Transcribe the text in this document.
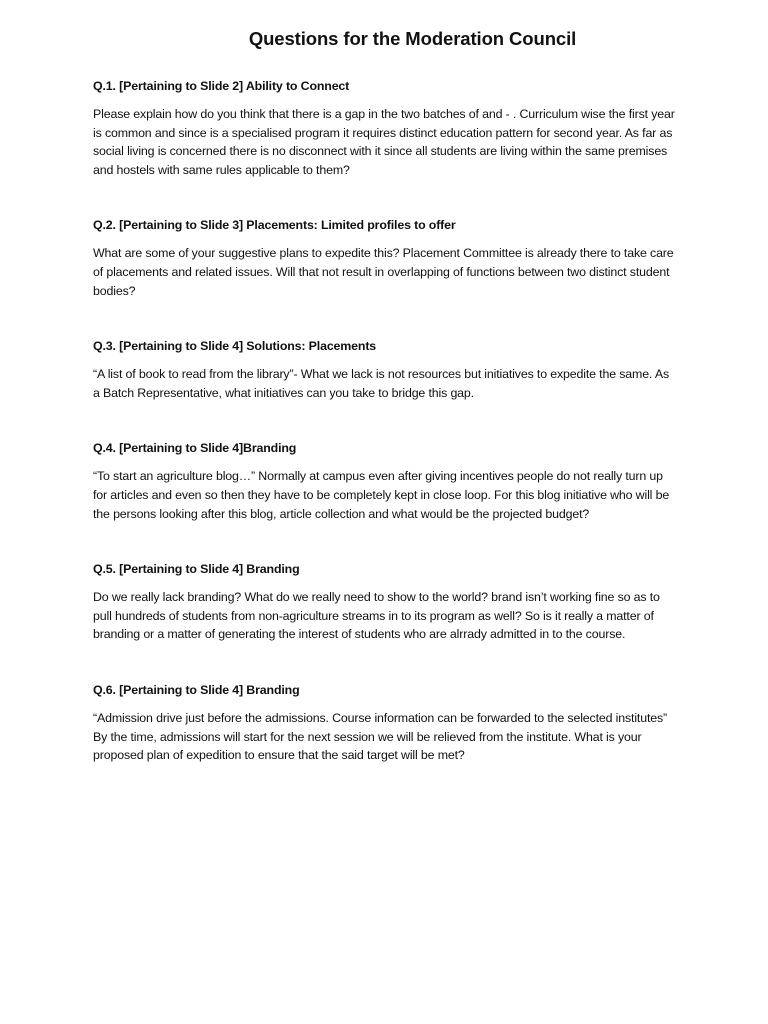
Questions for the Moderation Council
Q.1. [Pertaining to Slide 2] Ability to Connect

Please explain how do you think that there is a gap in the two batches of and - . Curriculum wise the first year is common and since is a specialised program it requires distinct education pattern for second year. As far as social living is concerned there is no disconnect with it since all students are living within the same premises and hostels with same rules applicable to them?

Q.2. [Pertaining to Slide 3] Placements: Limited profiles to offer

What are some of your suggestive plans to expedite this? Placement Committee is already there to take care of placements and related issues. Will that not result in overlapping of functions between two distinct student bodies?

Q.3. [Pertaining to Slide 4] Solutions: Placements

“A list of book to read from the library”- What we lack is not resources but initiatives to expedite the same. As a Batch Representative, what initiatives can you take to bridge this gap.

Q.4. [Pertaining to Slide 4]Branding

“To start an agriculture blog…” Normally at campus even after giving incentives people do not really turn up for articles and even so then they have to be completely kept in close loop. For this blog initiative who will be the persons looking after this blog, article collection and what would be the projected budget?

Q.5. [Pertaining to Slide 4] Branding

Do we really lack branding? What do we really need to show to the world? brand isn’t working fine so as to pull hundreds of students from non-agriculture streams in to its program as well? So is it really a matter of branding or a matter of generating the interest of students who are alrrady admitted in to the course.

Q.6. [Pertaining to Slide 4] Branding

“Admission drive just before the admissions. Course information can be forwarded to the selected institutes”

By the time, admissions will start for the next session we will be relieved from the institute. What is your proposed plan of expedition to ensure that the said target will be met?
